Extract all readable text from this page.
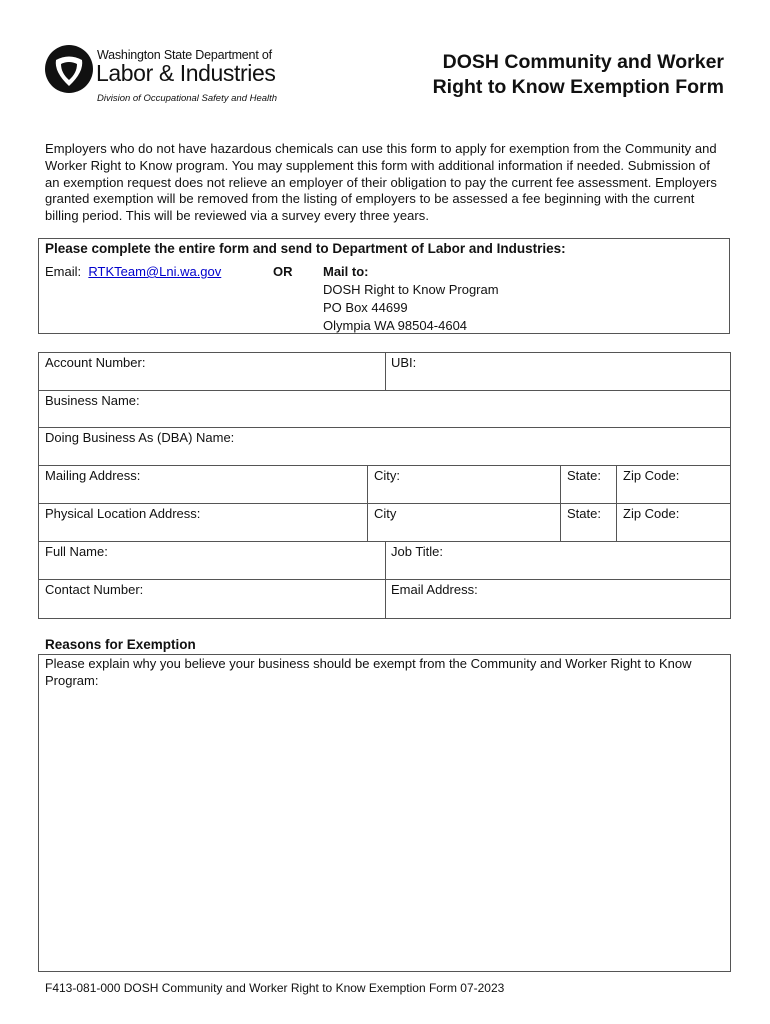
Washington State Department of
Labor & Industries
Division of Occupational Safety and Health
DOSH Community and Worker
Right to Know Exemption Form
Employers who do not have hazardous chemicals can use this form to apply for exemption from the Community and Worker Right to Know program. You may supplement this form with additional information if needed. Submission of an exemption request does not relieve an employer of their obligation to pay the current fee assessment. Employers granted exemption will be removed from the listing of employers to be assessed a fee beginning with the current billing period. This will be reviewed via a survey every three years.
Please complete the entire form and send to Department of Labor and Industries:
Email: RTKTeam@Lni.wa.gov	OR Mail to:
DOSH Right to Know Program
PO Box 44699
Olympia WA 98504-4604
Account Number:	UBI:
Business Name:
Doing Business As (DBA) Name:
Mailing Address:	City:	State: Zip Code:
Physical Location Address:	City	State: Zip Code:
Full Name:	Job Title:
Contact Number:	Email Address:
Reasons for Exemption
Please explain why you believe your business should be exempt from the Community and Worker Right to Know Program:
F413-081-000 DOSH Community and Worker Right to Know Exemption Form 07-2023
